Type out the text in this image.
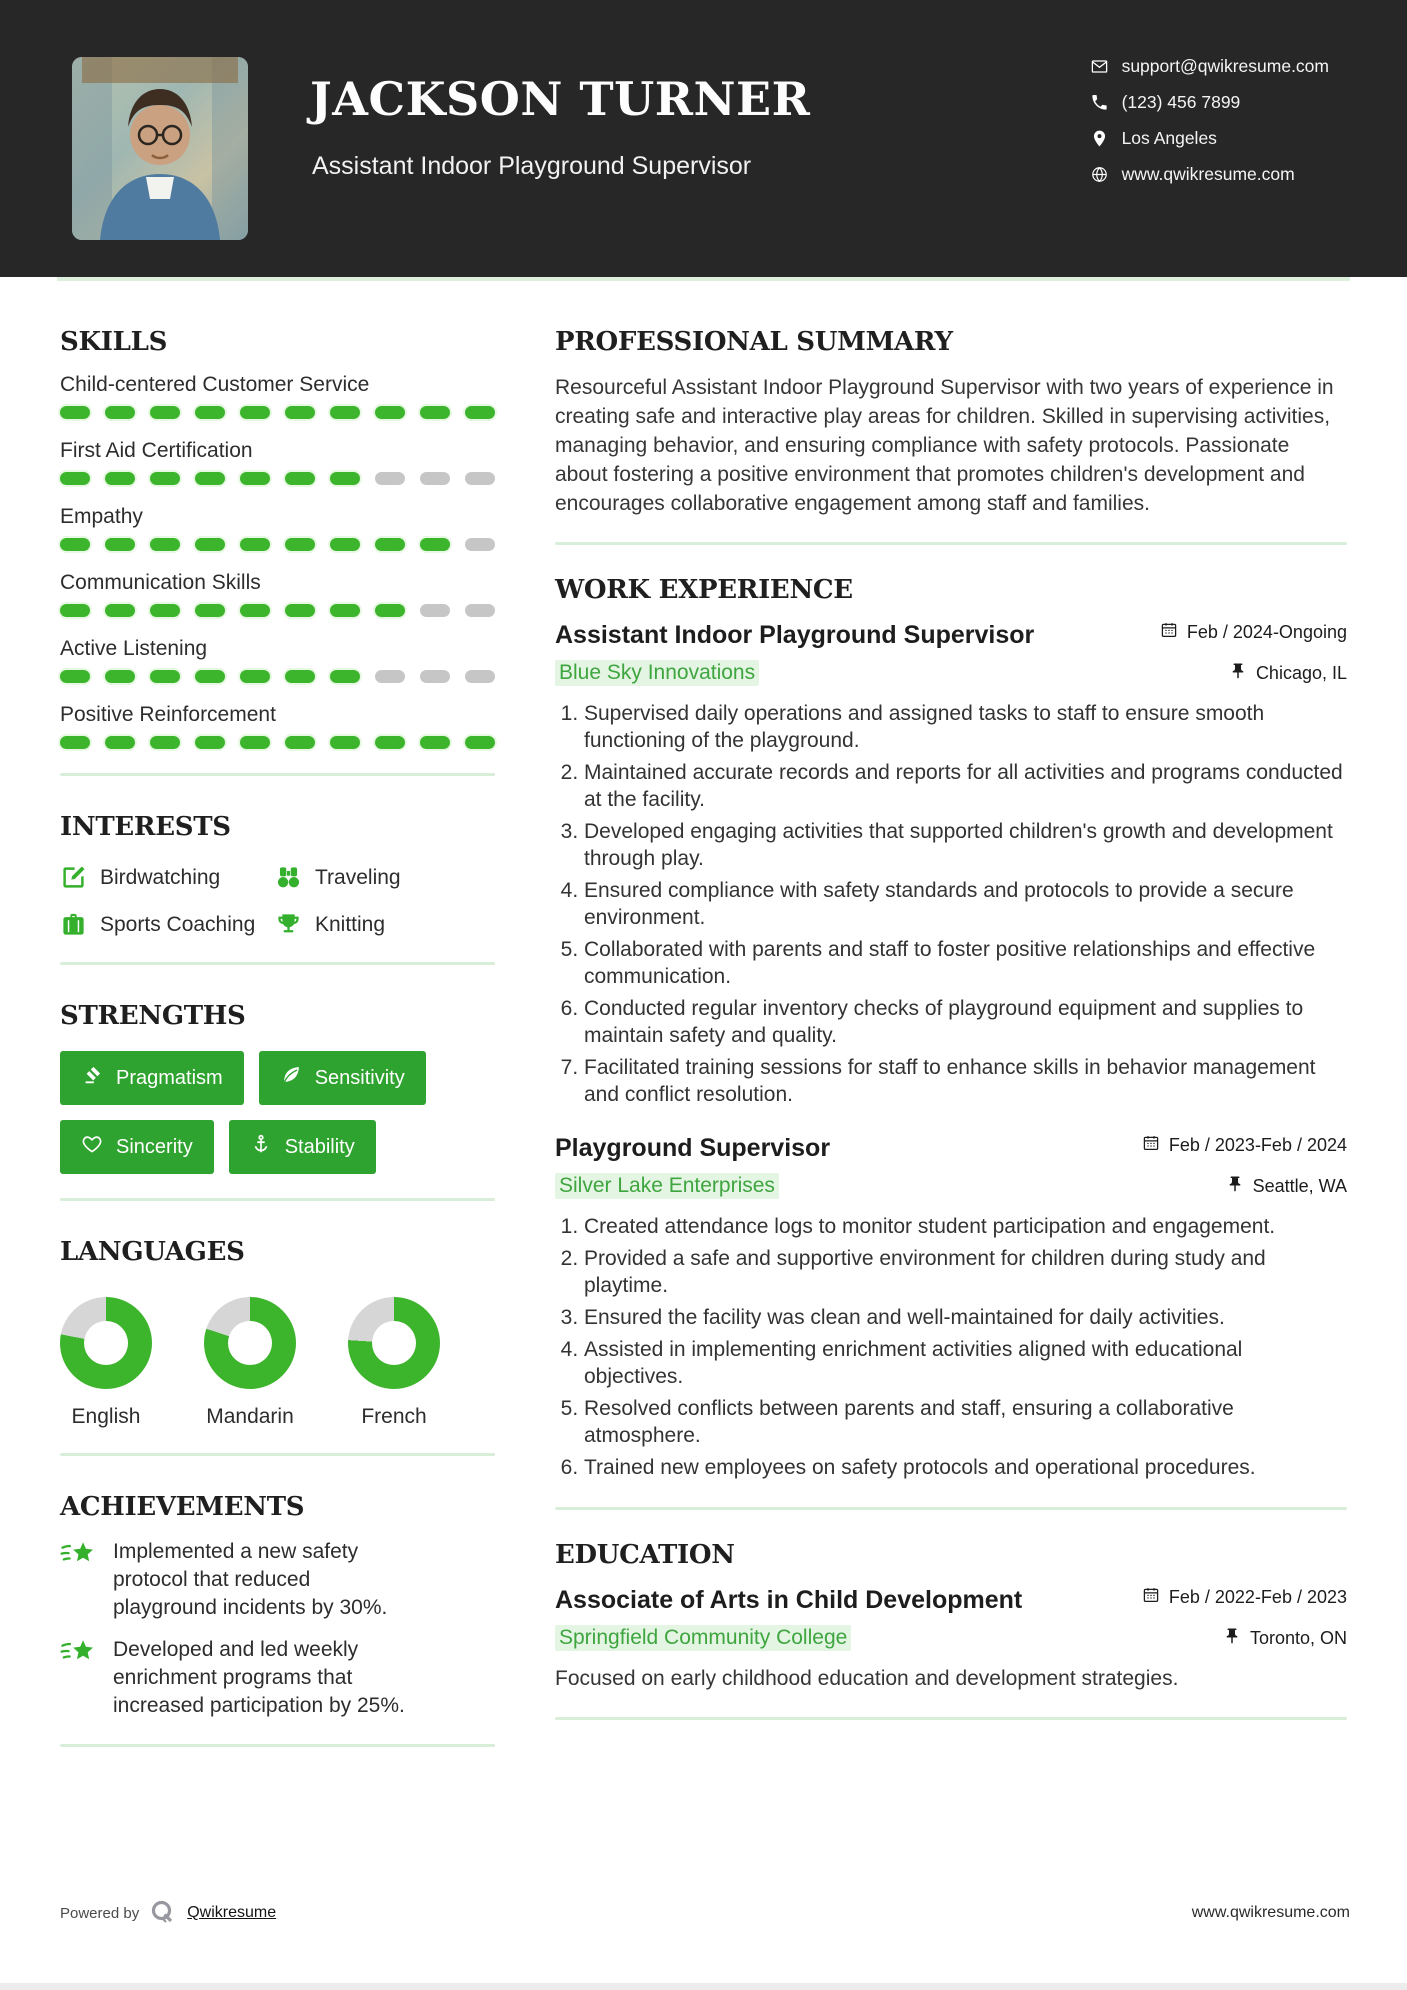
JACKSON TURNER
Assistant Indoor Playground Supervisor
support@qwikresume.com
(123) 456 7899
Los Angeles
www.qwikresume.com
SKILLS
Child-centered Customer Service
First Aid Certification
Empathy
Communication Skills
Active Listening
Positive Reinforcement
INTERESTS
Birdwatching	Traveling
Sports Coaching	Knitting
STRENGTHS
Pragmatism	Sensitivity
Sincerity	Stability
LANGUAGES
English	Mandarin	French
ACHIEVEMENTS

Implemented a new safety protocol that reduced playground incidents by 30%.

Developed and led weekly enrichment programs that increased participation by 25%.

PROFESSIONAL SUMMARY

Resourceful Assistant Indoor Playground Supervisor with two years of experience in creating safe and interactive play areas for children. Skilled in supervising activities, managing behavior, and ensuring compliance with safety protocols. Passionate about fostering a positive environment that promotes children's development and encourages collaborative engagement among staff and families.

WORK EXPERIENCE
Assistant Indoor Playground Supervisor	Feb / 2024-Ongoing
Blue Sky Innovations	Chicago, IL
1. Supervised daily operations and assigned tasks to staff to ensure smooth functioning of the playground.
2. Maintained accurate records and reports for all activities and programs conducted at the facility.
3. Developed engaging activities that supported children's growth and development through play.
4. Ensured compliance with safety standards and protocols to provide a secure environment.
5. Collaborated with parents and staff to foster positive relationships and effective communication.
6. Conducted regular inventory checks of playground equipment and supplies to maintain safety and quality.
7. Facilitated training sessions for staff to enhance skills in behavior management and conflict resolution.
Playground Supervisor	Feb / 2023-Feb / 2024
Silver Lake Enterprises	Seattle, WA
1. Created attendance logs to monitor student participation and engagement.
2. Provided a safe and supportive environment for children during study and playtime.
3. Ensured the facility was clean and well-maintained for daily activities.
4. Assisted in implementing enrichment activities aligned with educational objectives.
5. Resolved conflicts between parents and staff, ensuring a collaborative atmosphere.
6. Trained new employees on safety protocols and operational procedures.
EDUCATION
Associate of Arts in Child Development	Feb / 2022-Feb / 2023
Springfield Community College	Toronto, ON

Focused on early childhood education and development strategies.

Powered by	Qwikresume	www.qwikresume.com
